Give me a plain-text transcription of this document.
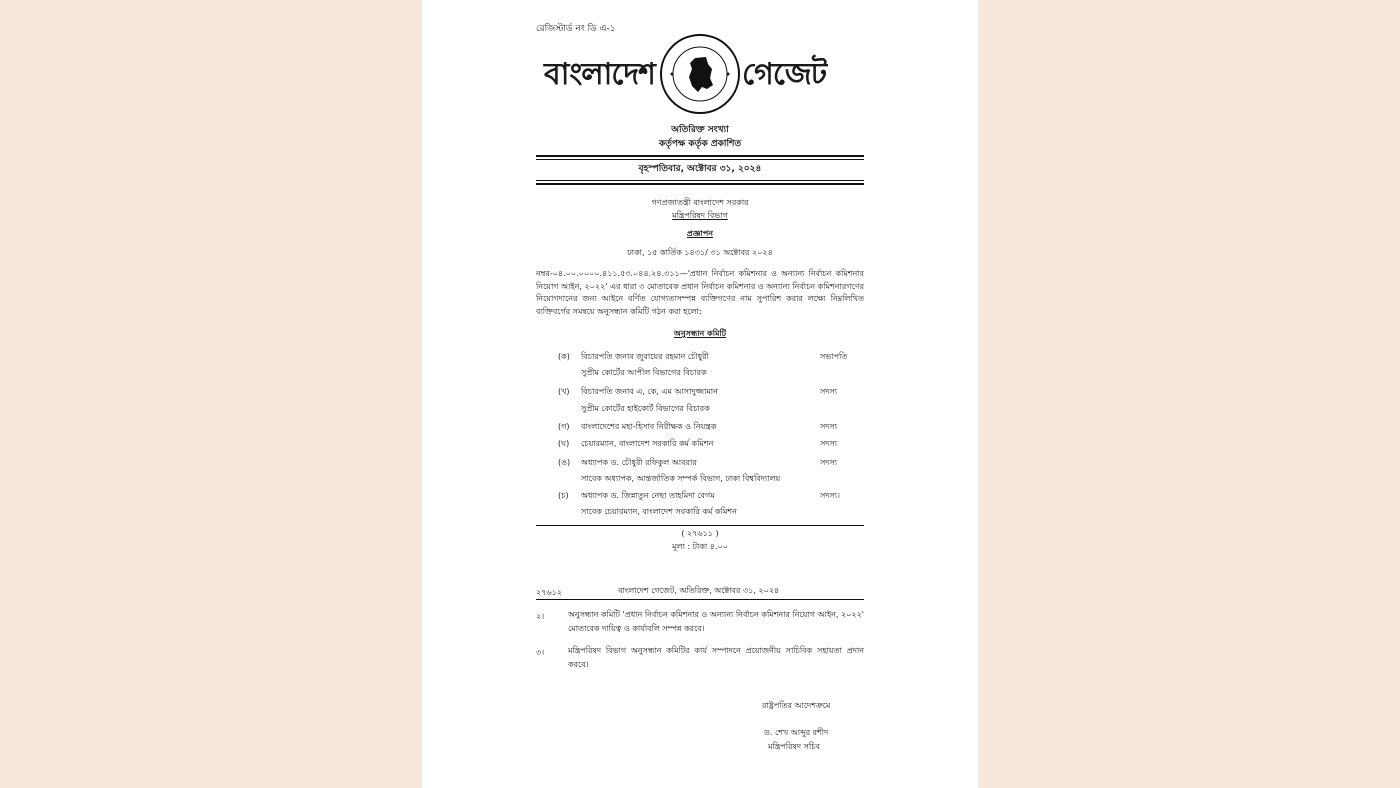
রেজিস্টার্ড নং ডি এ-১
বাংলাদেশ	গেজেট
অতিরিক্ত সংখ্যা
কর্তৃপক্ষ কর্তৃক প্রকাশিত
বৃহস্পতিবার, অক্টোবর ৩১, ২০২৪
গণপ্রজাতন্ত্রী বাংলাদেশ সরকার
মন্ত্রিপরিষদ বিভাগ
প্রজ্ঞাপন
ঢাকা, ১৫ কার্তিক ১৪৩১/ ৩১ অক্টোবর ২০২৪
নম্বর-০৪.০০.০০০০.৪১১.৫৩.০৪৪.২৪.৩১১—'প্রধান নির্বাচন কমিশনার ও অন্যান্য নির্বাচন কমিশনার নিয়োগ আইন, ২০২২' এর ধারা ৩ মোতাবেক প্রধান নির্বাচন কমিশনার ও অন্যান্য নির্বাচন কমিশনারগণের নিয়োগদানের জন্য আইনে বর্ণিত যোগ্যতাসম্পন্ন ব্যক্তিগণের নাম সুপারিশ করার লক্ষ্যে নিম্নলিখিত ব্যক্তিবর্গের সমন্বয়ে অনুসন্ধান কমিটি গঠন করা হলো:
অনুসন্ধান কমিটি
(ক) বিচারপতি জনাব জুবায়ের রহমান চৌধুরী	সভাপতি
সুপ্রীম কোর্টের আপীল বিভাগের বিচারক
(খ) বিচারপতি জনাব এ, কে, এম আসাদুজ্জামান	সদস্য
সুপ্রীম কোর্টের হাইকোর্ট বিভাগের বিচারক
(গ) বাংলাদেশের মহা-হিসাব নিরীক্ষক ও নিয়ন্ত্রক	সদস্য
(ঘ) চেয়ারম্যান, বাংলাদেশ সরকারি কর্ম কমিশন	সদস্য
(ঙ) অধ্যাপক ড. চৌধুরী রফিকুল আবরার	সদস্য
সাবেক অধ্যাপক, আন্তর্জাতিক সম্পর্ক বিভাগ, ঢাকা বিশ্ববিদ্যালয়
(চ) অধ্যাপক ড. জিন্নাতুন নেছা তাহমিদা বেগম	সদস্য।
সাবেক চেয়ারম্যান, বাংলাদেশ সরকারি কর্ম কমিশন
( ২৭৬১১ )
মূল্য : টাকা ৪.০০
২৭৬১২	বাংলাদেশ গেজেট, অতিরিক্ত, অক্টোবর ৩১, ২০২৪
২।	অনুসন্ধান কমিটি 'প্রধান নির্বাচন কমিশনার ও অন্যান্য নির্বাচন কমিশনার নিয়োগ আইন, ২০২২' মোতাবেক দায়িত্ব ও কার্যাবলি সম্পন্ন করবে।
৩।	মন্ত্রিপরিষদ বিভাগ অনুসন্ধান কমিটির কার্য সম্পাদনে প্রয়োজনীয় সাচিবিক সহায়তা প্রদান করবে।
রাষ্ট্রপতির আদেশক্রমে
ড. শেখ আব্দুর রশীদ
মন্ত্রিপরিষদ সচিব
